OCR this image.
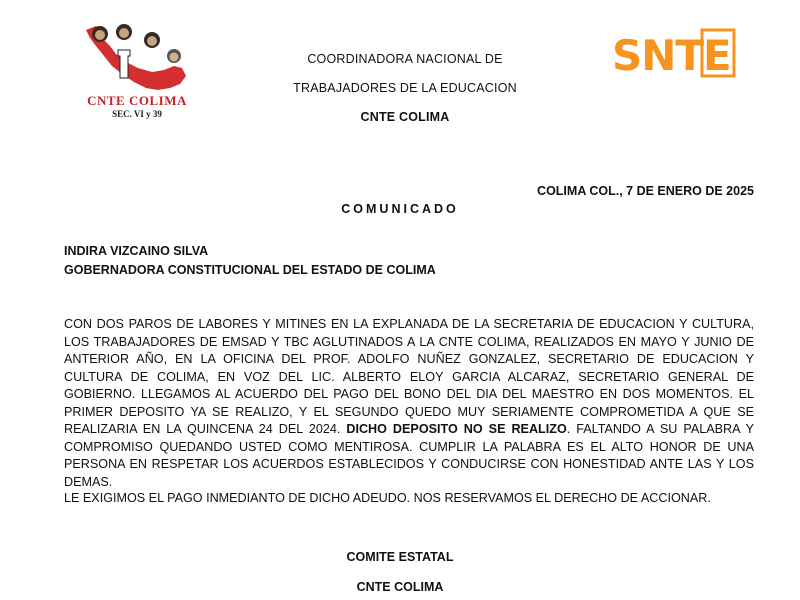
CNTE COLIMA
SEC. VI y 39
SNTE
COORDINADORA NACIONAL DE
TRABAJADORES DE LA EDUCACION
CNTE COLIMA
COLIMA COL., 7 DE ENERO DE 2025
COMUNICADO
INDIRA VIZCAINO SILVA
GOBERNADORA CONSTITUCIONAL DEL ESTADO DE COLIMA
CON DOS PAROS DE LABORES Y MITINES EN LA EXPLANADA DE LA SECRETARIA DE EDUCACION Y CULTURA, LOS TRABAJADORES DE EMSAD Y TBC AGLUTINADOS A LA CNTE COLIMA, REALIZADOS EN MAYO Y JUNIO DE ANTERIOR AÑO, EN LA OFICINA DEL PROF. ADOLFO NUÑEZ GONZALEZ, SECRETARIO DE EDUCACION Y CULTURA DE COLIMA, EN VOZ DEL LIC. ALBERTO ELOY GARCIA ALCARAZ, SECRETARIO GENERAL DE GOBIERNO. LLEGAMOS AL ACUERDO DEL PAGO DEL BONO DEL DIA DEL MAESTRO EN DOS MOMENTOS. EL PRIMER DEPOSITO YA SE REALIZO, Y EL SEGUNDO QUEDO MUY SERIAMENTE COMPROMETIDA A QUE SE REALIZARIA EN LA QUINCENA 24 DEL 2024. DICHO DEPOSITO NO SE REALIZO. FALTANDO A SU PALABRA Y COMPROMISO QUEDANDO USTED COMO MENTIROSA. CUMPLIR LA PALABRA ES EL ALTO HONOR DE UNA PERSONA EN RESPETAR LOS ACUERDOS ESTABLECIDOS Y CONDUCIRSE CON HONESTIDAD ANTE LAS Y LOS DEMAS.
LE EXIGIMOS EL PAGO INMEDIANTO DE DICHO ADEUDO. NOS RESERVAMOS EL DERECHO DE ACCIONAR.
COMITE ESTATAL
CNTE COLIMA
